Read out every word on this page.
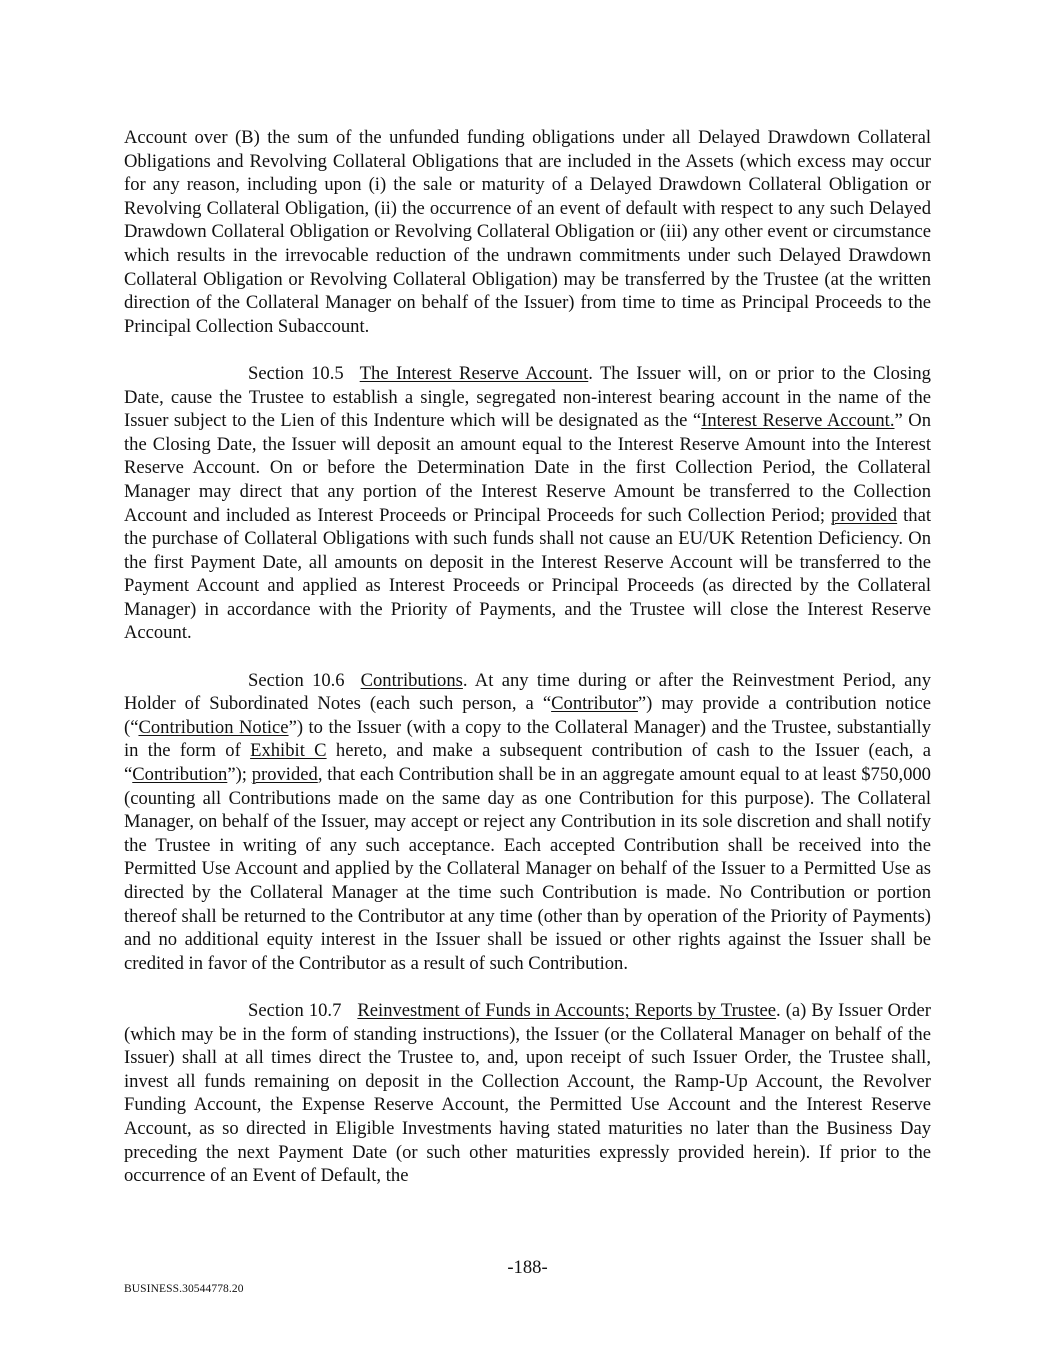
Account over (B) the sum of the unfunded funding obligations under all Delayed Drawdown Collateral Obligations and Revolving Collateral Obligations that are included in the Assets (which excess may occur for any reason, including upon (i) the sale or maturity of a Delayed Drawdown Collateral Obligation or Revolving Collateral Obligation, (ii) the occurrence of an event of default with respect to any such Delayed Drawdown Collateral Obligation or Revolving Collateral Obligation or (iii) any other event or circumstance which results in the irrevocable reduction of the undrawn commitments under such Delayed Drawdown Collateral Obligation or Revolving Collateral Obligation) may be transferred by the Trustee (at the written direction of the Collateral Manager on behalf of the Issuer) from time to time as Principal Proceeds to the Principal Collection Subaccount.

Section 10.5 The Interest Reserve Account. The Issuer will, on or prior to the Closing Date, cause the Trustee to establish a single, segregated non-interest bearing account in the name of the Issuer subject to the Lien of this Indenture which will be designated as the “Interest Reserve Account.” On the Closing Date, the Issuer will deposit an amount equal to the Interest Reserve Amount into the Interest Reserve Account. On or before the Determination Date in the first Collection Period, the Collateral Manager may direct that any portion of the Interest Reserve Amount be transferred to the Collection Account and included as Interest Proceeds or Principal Proceeds for such Collection Period; provided that the purchase of Collateral Obligations with such funds shall not cause an EU/UK Retention Deficiency. On the first Payment Date, all amounts on deposit in the Interest Reserve Account will be transferred to the Payment Account and applied as Interest Proceeds or Principal Proceeds (as directed by the Collateral Manager) in accordance with the Priority of Payments, and the Trustee will close the Interest Reserve Account.

Section 10.6 Contributions. At any time during or after the Reinvestment Period, any Holder of Subordinated Notes (each such person, a “Contributor”) may provide a contribution notice (“Contribution Notice”) to the Issuer (with a copy to the Collateral Manager) and the Trustee, substantially in the form of Exhibit C hereto, and make a subsequent contribution of cash to the Issuer (each, a “Contribution”); provided, that each Contribution shall be in an aggregate amount equal to at least $750,000 (counting all Contributions made on the same day as one Contribution for this purpose). The Collateral Manager, on behalf of the Issuer, may accept or reject any Contribution in its sole discretion and shall notify the Trustee in writing of any such acceptance. Each accepted Contribution shall be received into the Permitted Use Account and applied by the Collateral Manager on behalf of the Issuer to a Permitted Use as directed by the Collateral Manager at the time such Contribution is made. No Contribution or portion thereof shall be returned to the Contributor at any time (other than by operation of the Priority of Payments) and no additional equity interest in the Issuer shall be issued or other rights against the Issuer shall be credited in favor of the Contributor as a result of such Contribution.

Section 10.7 Reinvestment of Funds in Accounts; Reports by Trustee. (a) By Issuer Order (which may be in the form of standing instructions), the Issuer (or the Collateral Manager on behalf of the Issuer) shall at all times direct the Trustee to, and, upon receipt of such Issuer Order, the Trustee shall, invest all funds remaining on deposit in the Collection Account, the Ramp-Up Account, the Revolver Funding Account, the Expense Reserve Account, the Permitted Use Account and the Interest Reserve Account, as so directed in Eligible Investments having stated maturities no later than the Business Day preceding the next Payment Date (or such other maturities expressly provided herein). If prior to the occurrence of an Event of Default, the

-188-
BUSINESS.30544778.20
